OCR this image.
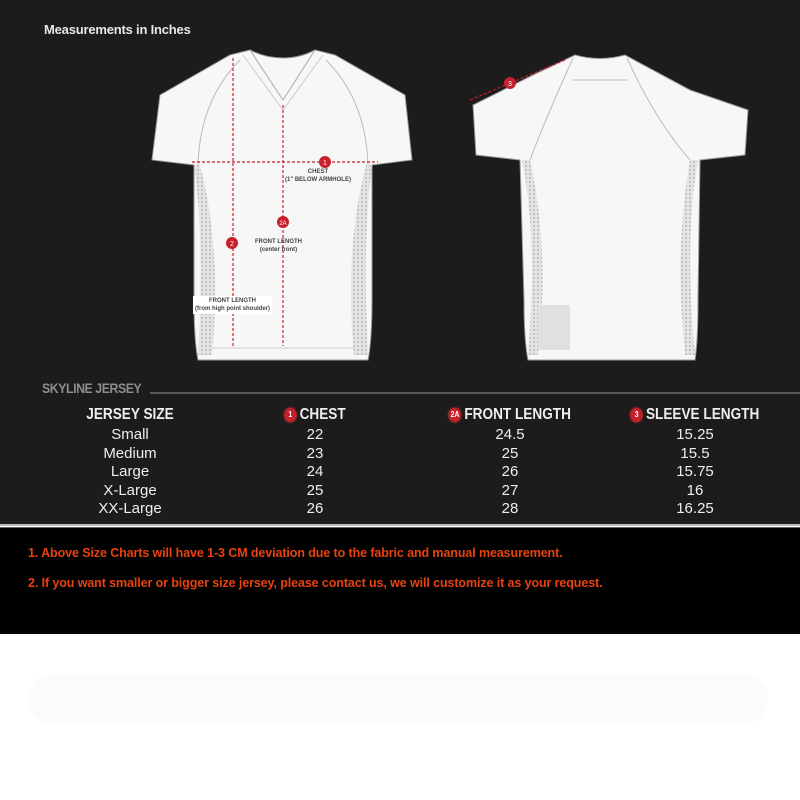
Measurements in Inches
1
2
2A
3
CHEST
(1" BELOW ARMHOLE)
FRONT LENGTH
(center front)
FRONT LENGTH
(from high point shoulder)
SKYLINE JERSEY
JERSEY SIZE
Small
Medium
Large
X-Large
XX-Large
1 CHEST
22
23
24
25
26
2A FRONT LENGTH
24.5
25
26
27
28
3 SLEEVE LENGTH
15.25
15.5
15.75
16
16.25
1. Above Size Charts will have 1-3 CM deviation due to the fabric and manual measurement.
2. If you want smaller or bigger size jersey, please contact us, we will customize it as your request.
